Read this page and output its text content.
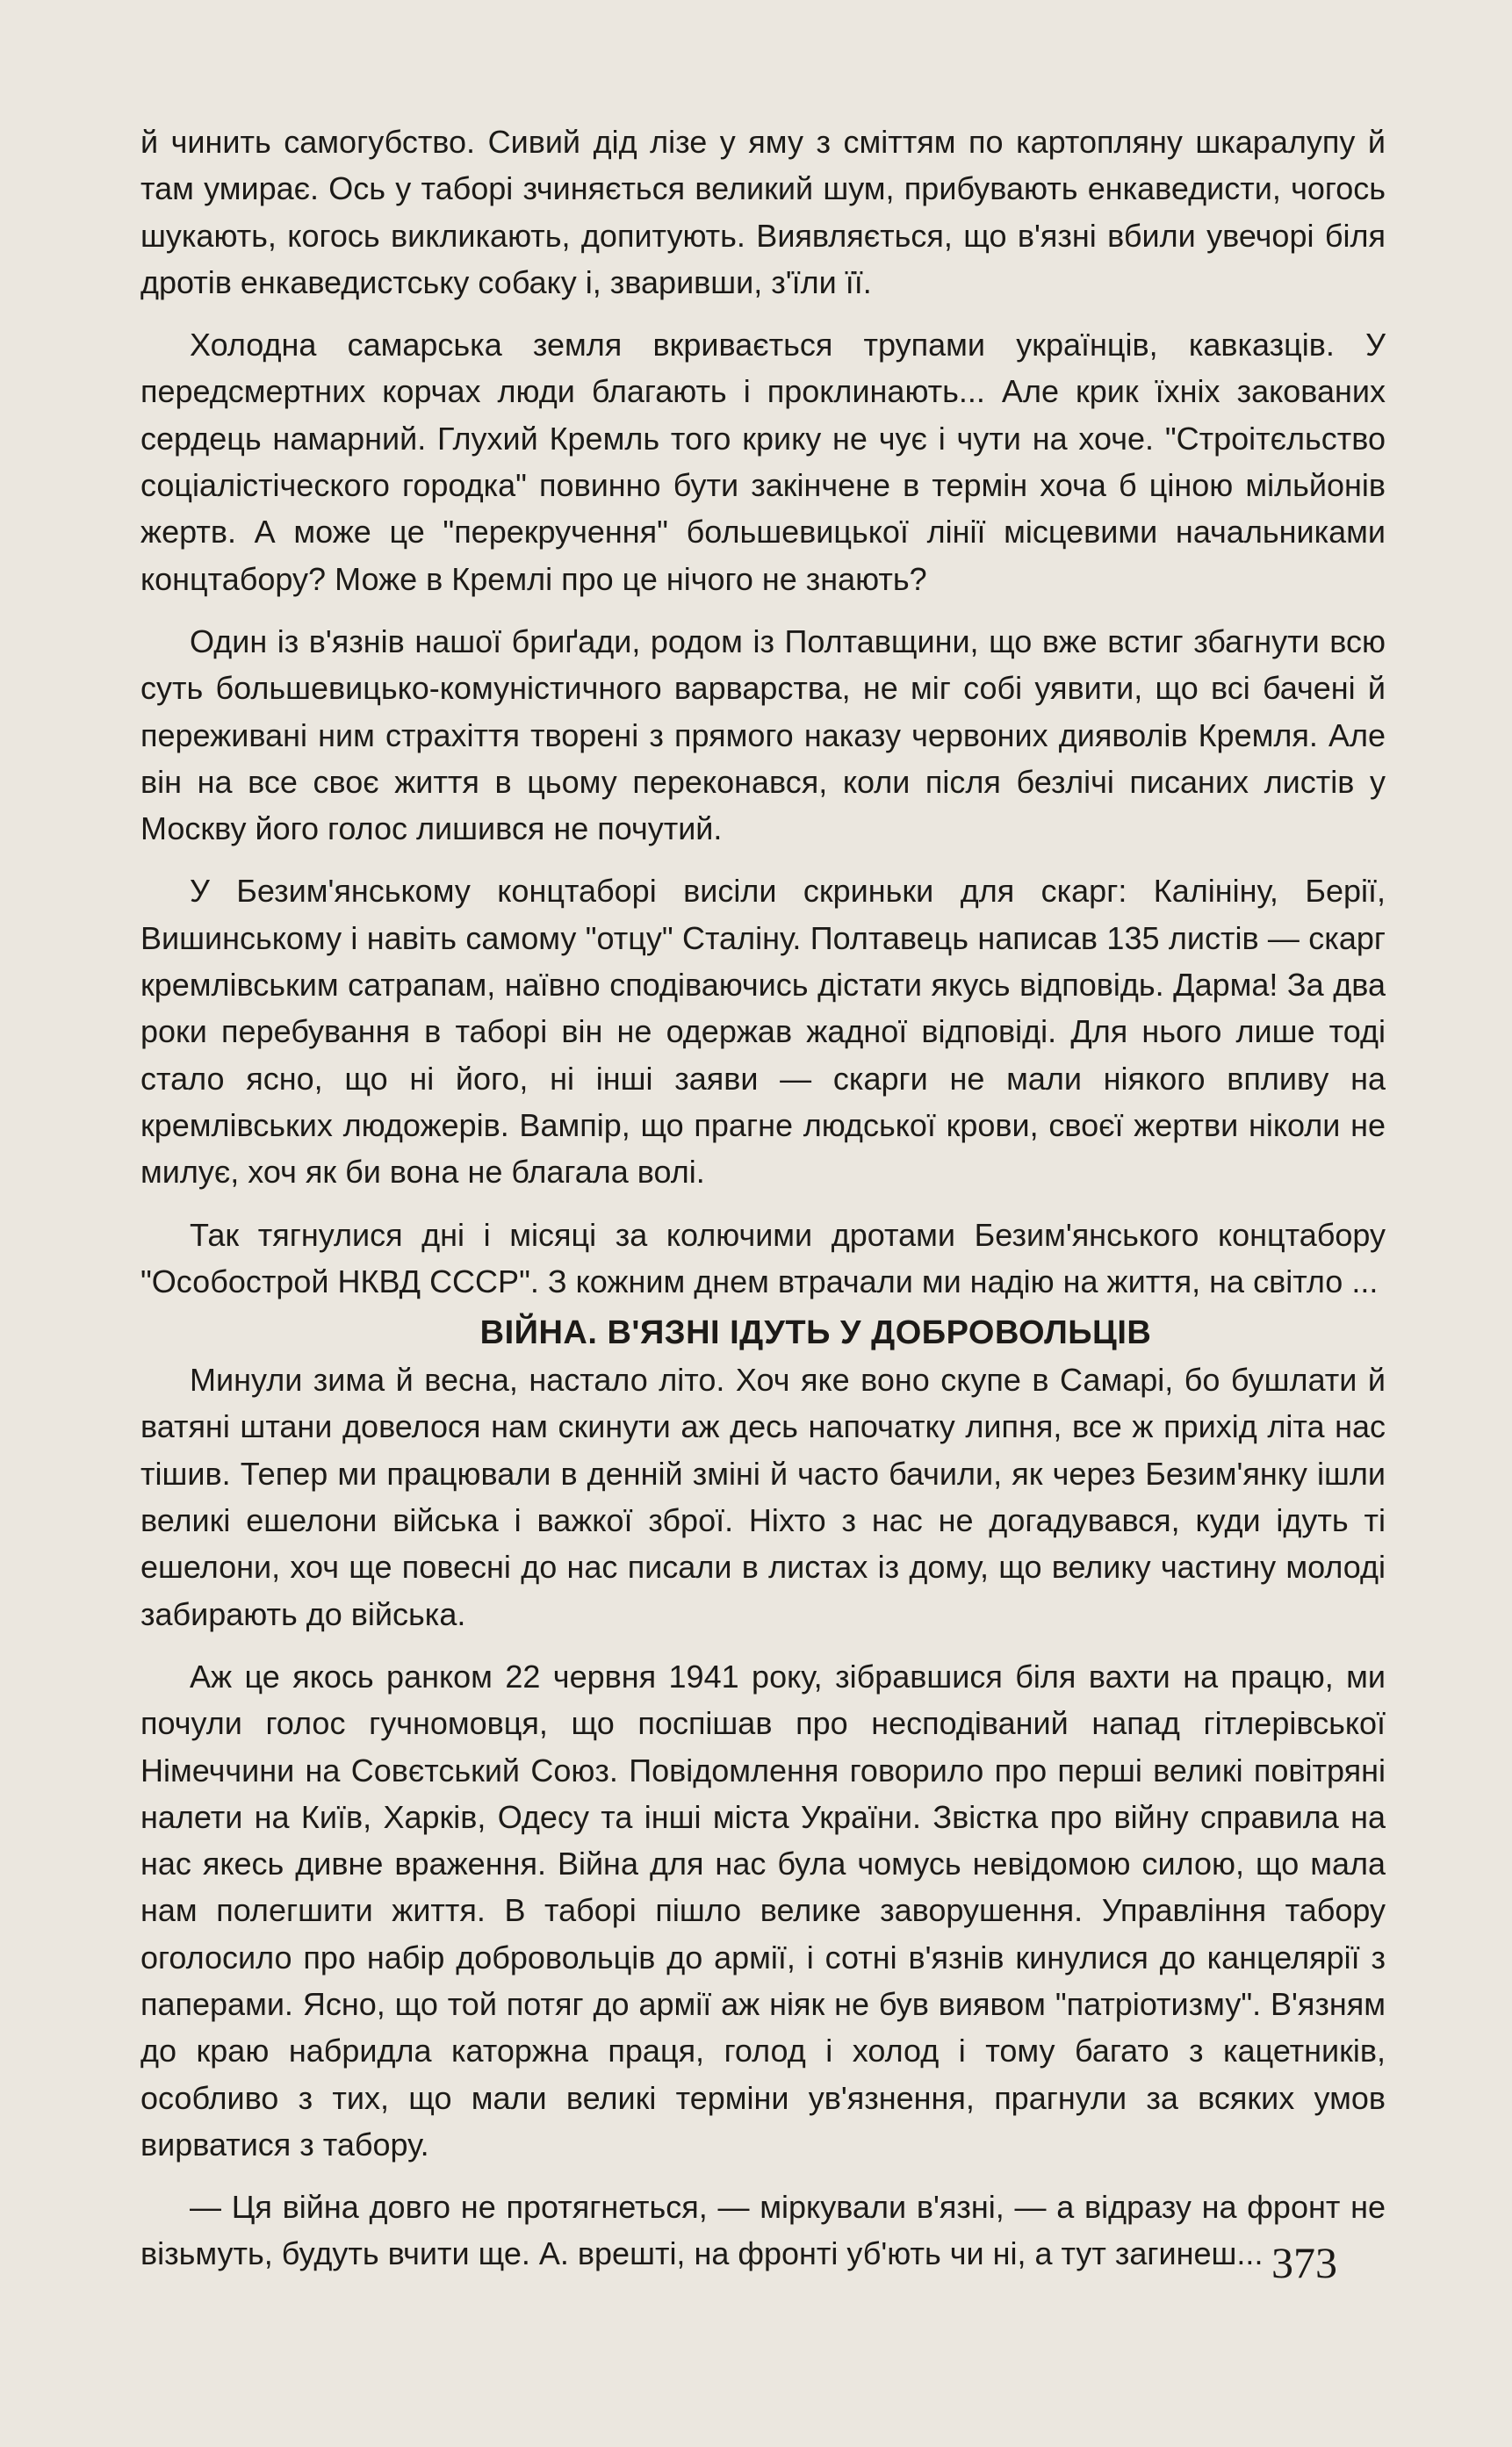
й чинить самогубство. Сивий дід лізе у яму з сміттям по картопляну шкаралупу й там умирає. Ось у таборі зчиняється великий шум, прибувають енкаведисти, чогось шукають, когось викликають, допитують. Виявляється, що в'язні вбили увечорі біля дротів енкаведистську собаку і, зваривши, з'їли її.

Холодна самарська земля вкривається трупами українців, кавказців. У передсмертних корчах люди благають і проклинають... Але крик їхніх закованих сердець намарний. Глухий Кремль того крику не чує і чути на хоче. "Строітєльство соціалістіческого городка" повинно бути закінчене в термін хоча б ціною мільйонів жертв. А може це "перекручення" большевицької лінії місцевими начальниками концтабору? Може в Кремлі про це нічого не знають?

Один із в'язнів нашої бриґади, родом із Полтавщини, що вже встиг збагнути всю суть большевицько-комуністичного варварства, не міг собі уявити, що всі бачені й переживані ним страхіття творені з прямого наказу червоних дияволів Кремля. Але він на все своє життя в цьому переконався, коли після безлічі писаних листів у Москву його голос лишився не почутий.

У Безим'янському концтаборі висіли скриньки для скарг: Калініну, Берії, Вишинському і навіть самому "отцу" Сталіну. Полтавець написав 135 листів — скарг кремлівським сатрапам, наївно сподіваючись дістати якусь відповідь. Дарма! За два роки перебування в таборі він не одержав жадної відповіді. Для нього лише тоді стало ясно, що ні його, ні інші заяви — скарги не мали ніякого впливу на кремлівських людожерів. Вампір, що прагне людської крови, своєї жертви ніколи не милує, хоч як би вона не благала волі.

Так тягнулися дні і місяці за колючими дротами Безим'янського концтабору "Особострой НКВД СССР". З кожним днем втрачали ми надію на життя, на світло ...

ВІЙНА. В'ЯЗНІ ІДУТЬ У ДОБРОВОЛЬЦІВ

Минули зима й весна, настало літо. Хоч яке воно скупе в Самарі, бо бушлати й ватяні штани довелося нам скинути аж десь напочатку липня, все ж прихід літа нас тішив. Тепер ми працювали в денній зміні й часто бачили, як через Безим'янку ішли великі ешелони війська і важкої зброї. Ніхто з нас не догадувався, куди ідуть ті ешелони, хоч ще повесні до нас писали в листах із дому, що велику частину молоді забирають до війська.

Аж це якось ранком 22 червня 1941 року, зібравшися біля вахти на працю, ми почули голос гучномовця, що поспішав про несподіваний напад гітлерівської Німеччини на Совєтський Союз. Повідомлення говорило про перші великі повітряні налети на Київ, Харків, Одесу та інші міста України. Звістка про війну справила на нас якесь дивне враження. Війна для нас була чомусь невідомою силою, що мала нам полегшити життя. В таборі пішло велике заворушення. Управління табору оголосило про набір добровольців до армії, і сотні в'язнів кинулися до канцелярії з паперами. Ясно, що той потяг до армії аж ніяк не був виявом "патріотизму". В'язням до краю набридла каторжна праця, голод і холод і тому багато з кацетників, особливо з тих, що мали великі терміни ув'язнення, прагнули за всяких умов вирватися з табору.

— Ця війна довго не протягнеться, — міркували в'язні, — а відразу на фронт не візьмуть, будуть вчити ще. А. врешті, на фронті уб'ють чи ні, а тут загинеш... 373
